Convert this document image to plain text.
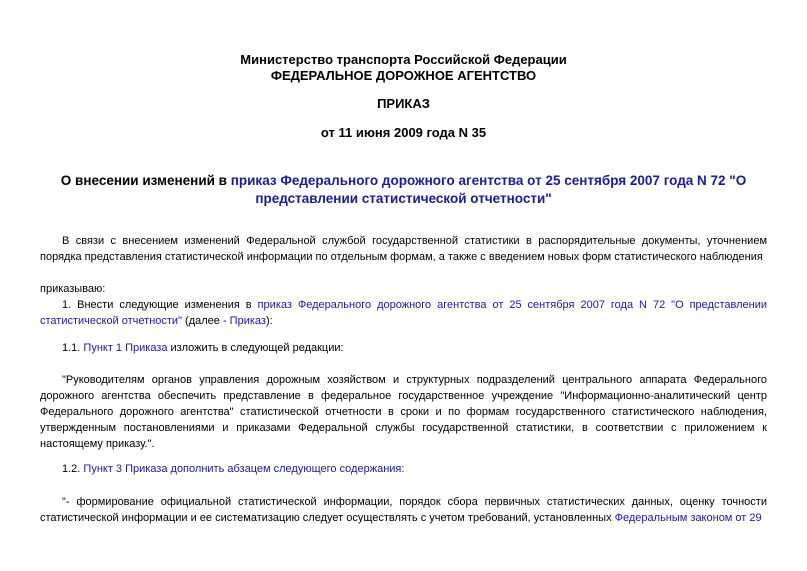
Министерство транспорта Российской Федерации
ФЕДЕРАЛЬНОЕ ДОРОЖНОЕ АГЕНТСТВО
ПРИКАЗ
от 11 июня 2009 года N 35
О внесении изменений в приказ Федерального дорожного агентства от 25 сентября 2007 года N 72 "О представлении статистической отчетности"
В связи с внесением изменений Федеральной службой государственной статистики в распорядительные документы, уточнением порядка представления статистической информации по отдельным формам, а также с введением новых форм статистического наблюдения
приказываю:
1. Внести следующие изменения в приказ Федерального дорожного агентства от 25 сентября 2007 года N 72 "О представлении статистической отчетности" (далее - Приказ):
1.1. Пункт 1 Приказа изложить в следующей редакции:
"Руководителям органов управления дорожным хозяйством и структурных подразделений центрального аппарата Федерального дорожного агентства обеспечить представление в федеральное государственное учреждение "Информационно-аналитический центр Федерального дорожного агентства" статистической отчетности в сроки и по формам государственного статистического наблюдения, утвержденным постановлениями и приказами Федеральной службы государственной статистики, в соответствии с приложением к настоящему приказу.".
1.2. Пункт 3 Приказа дополнить абзацем следующего содержания:
"- формирование официальной статистической информации, порядок сбора первичных статистических данных, оценку точности статистической информации и ее систематизацию следует осуществлять с учетом требований, установленных Федеральным законом от 29
